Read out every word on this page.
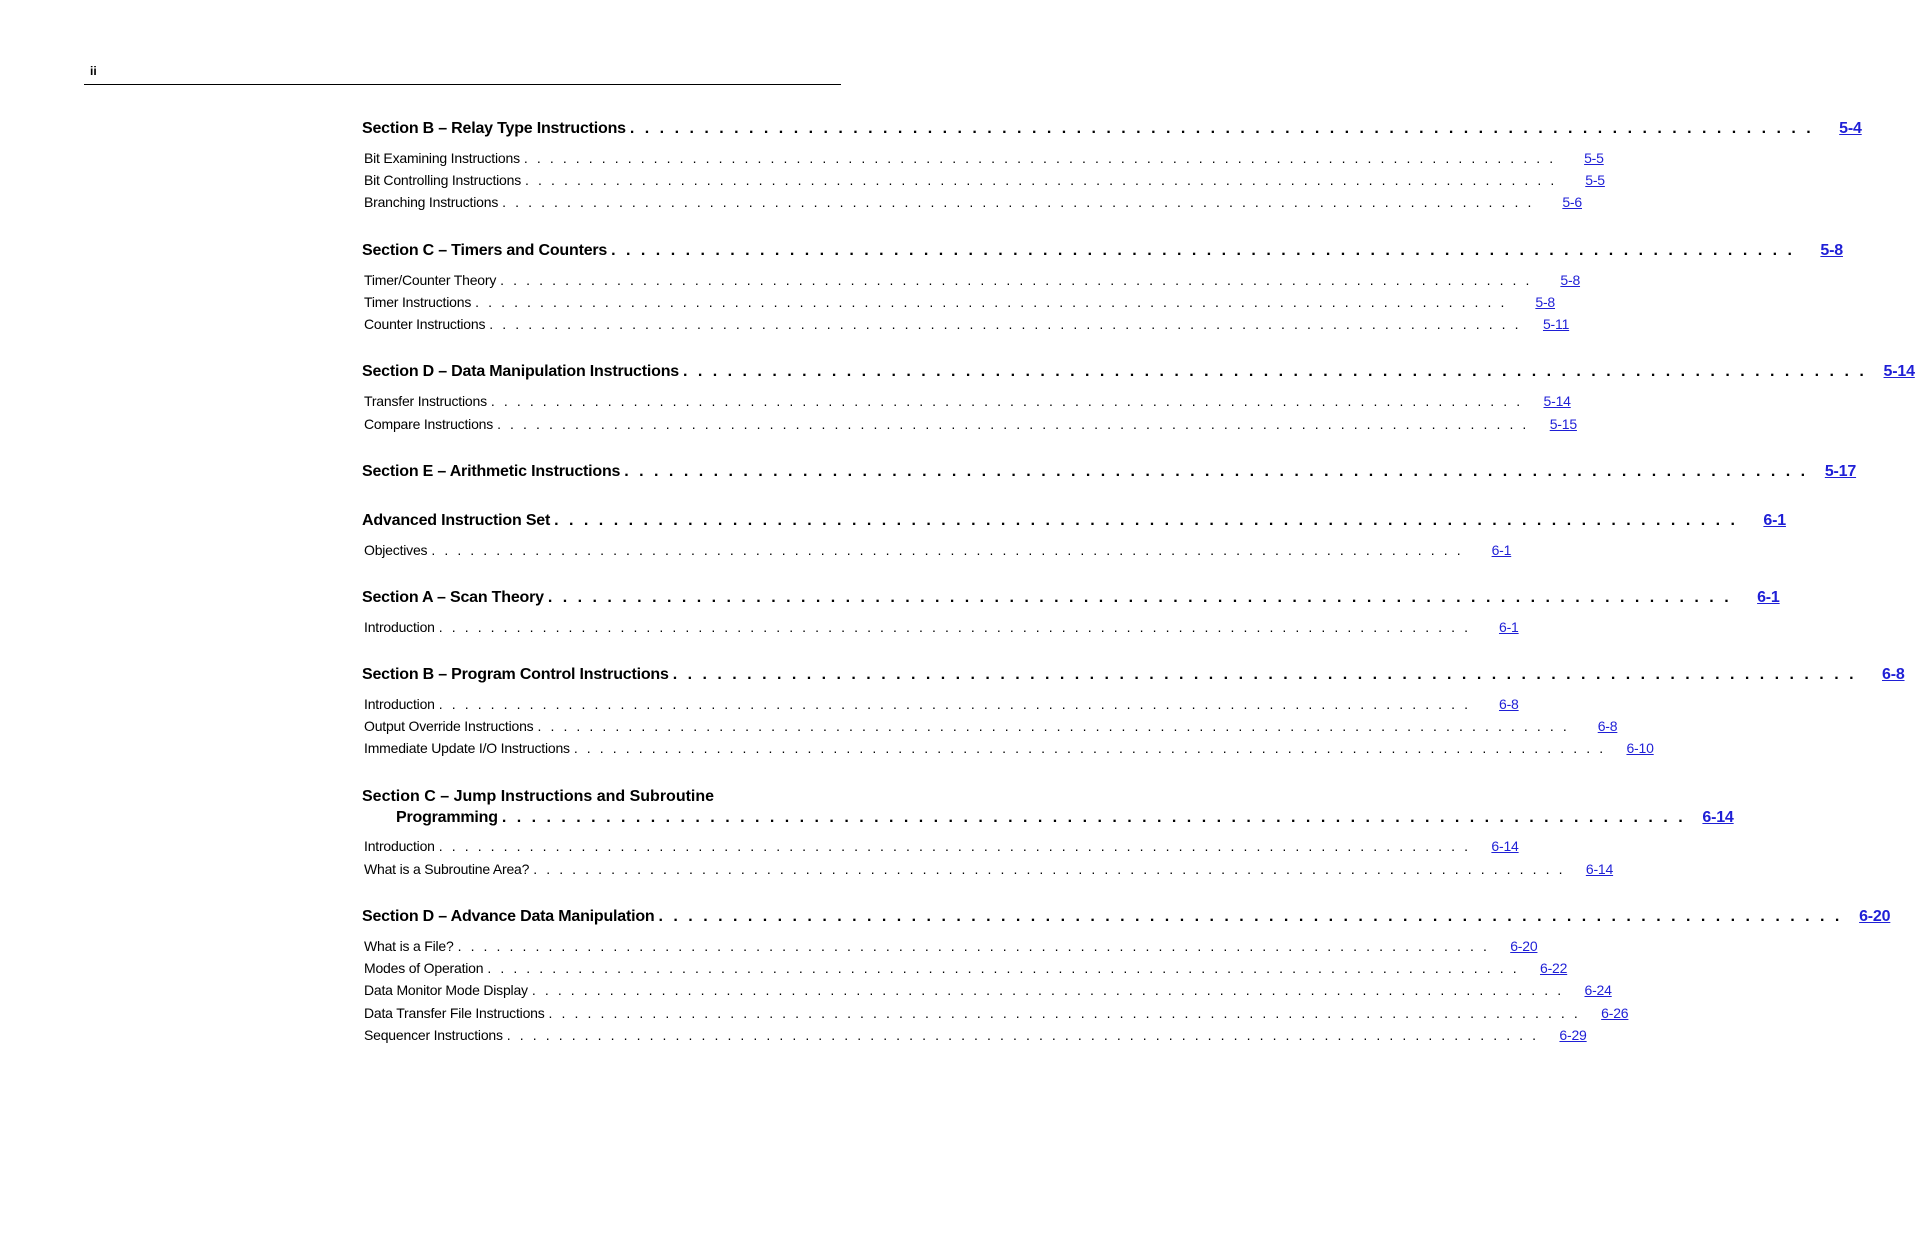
ii
Section B – Relay Type Instructions . . . . . . . . . . . . . . . . . . . . . . . . . . . . . . . . . . . . . . . . . . . . . . . . . . . . . . . . . . . . . . . . . . . . . . . . . . . . . . . .	5-4
Bit Examining Instructions . . . . . . . . . . . . . . . . . . . . . . . . . . . . . . . . . . . . . . . . . . . . . . . . . . . . . . . . . . . . . . . . . . . . . . . . . . . . . . . .	5-5
Bit Controlling Instructions . . . . . . . . . . . . . . . . . . . . . . . . . . . . . . . . . . . . . . . . . . . . . . . . . . . . . . . . . . . . . . . . . . . . . . . . . . . . . . . .	5-5
Branching Instructions . . . . . . . . . . . . . . . . . . . . . . . . . . . . . . . . . . . . . . . . . . . . . . . . . . . . . . . . . . . . . . . . . . . . . . . . . . . . . . . .	5-6
Section C – Timers and Counters . . . . . . . . . . . . . . . . . . . . . . . . . . . . . . . . . . . . . . . . . . . . . . . . . . . . . . . . . . . . . . . . . . . . . . . . . . . . . . . .	5-8
Timer/Counter Theory . . . . . . . . . . . . . . . . . . . . . . . . . . . . . . . . . . . . . . . . . . . . . . . . . . . . . . . . . . . . . . . . . . . . . . . . . . . . . . . .	5-8
Timer Instructions . . . . . . . . . . . . . . . . . . . . . . . . . . . . . . . . . . . . . . . . . . . . . . . . . . . . . . . . . . . . . . . . . . . . . . . . . . . . . . . .	5-8
Counter Instructions . . . . . . . . . . . . . . . . . . . . . . . . . . . . . . . . . . . . . . . . . . . . . . . . . . . . . . . . . . . . . . . . . . . . . . . . . . . . . . . .	5-11
Section D – Data Manipulation Instructions . . . . . . . . . . . . . . . . . . . . . . . . . . . . . . . . . . . . . . . . . . . . . . . . . . . . . . . . . . . . . . . . . . . . . . . . . . . . . . . .	5-14
Transfer Instructions . . . . . . . . . . . . . . . . . . . . . . . . . . . . . . . . . . . . . . . . . . . . . . . . . . . . . . . . . . . . . . . . . . . . . . . . . . . . . . . .	5-14
Compare Instructions . . . . . . . . . . . . . . . . . . . . . . . . . . . . . . . . . . . . . . . . . . . . . . . . . . . . . . . . . . . . . . . . . . . . . . . . . . . . . . . .	5-15
Section E – Arithmetic Instructions . . . . . . . . . . . . . . . . . . . . . . . . . . . . . . . . . . . . . . . . . . . . . . . . . . . . . . . . . . . . . . . . . . . . . . . . . . . . . . . .	5-17
Advanced Instruction Set . . . . . . . . . . . . . . . . . . . . . . . . . . . . . . . . . . . . . . . . . . . . . . . . . . . . . . . . . . . . . . . . . . . . . . . . . . . . . . . .	6-1
Objectives . . . . . . . . . . . . . . . . . . . . . . . . . . . . . . . . . . . . . . . . . . . . . . . . . . . . . . . . . . . . . . . . . . . . . . . . . . . . . . . .	6-1
Section A – Scan Theory . . . . . . . . . . . . . . . . . . . . . . . . . . . . . . . . . . . . . . . . . . . . . . . . . . . . . . . . . . . . . . . . . . . . . . . . . . . . . . . .	6-1
Introduction . . . . . . . . . . . . . . . . . . . . . . . . . . . . . . . . . . . . . . . . . . . . . . . . . . . . . . . . . . . . . . . . . . . . . . . . . . . . . . . .	6-1
Section B – Program Control Instructions . . . . . . . . . . . . . . . . . . . . . . . . . . . . . . . . . . . . . . . . . . . . . . . . . . . . . . . . . . . . . . . . . . . . . . . . . . . . . . . .	6-8
Introduction . . . . . . . . . . . . . . . . . . . . . . . . . . . . . . . . . . . . . . . . . . . . . . . . . . . . . . . . . . . . . . . . . . . . . . . . . . . . . . . .	6-8
Output Override Instructions . . . . . . . . . . . . . . . . . . . . . . . . . . . . . . . . . . . . . . . . . . . . . . . . . . . . . . . . . . . . . . . . . . . . . . . . . . . . . . . .	6-8
Immediate Update I/O Instructions . . . . . . . . . . . . . . . . . . . . . . . . . . . . . . . . . . . . . . . . . . . . . . . . . . . . . . . . . . . . . . . . . . . . . . . . . . . . . . . .	6-10
Section C – Jump Instructions and Subroutine
Programming . . . . . . . . . . . . . . . . . . . . . . . . . . . . . . . . . . . . . . . . . . . . . . . . . . . . . . . . . . . . . . . . . . . . . . . . . . . . . . . .	6-14
Introduction . . . . . . . . . . . . . . . . . . . . . . . . . . . . . . . . . . . . . . . . . . . . . . . . . . . . . . . . . . . . . . . . . . . . . . . . . . . . . . . .	6-14
What is a Subroutine Area? . . . . . . . . . . . . . . . . . . . . . . . . . . . . . . . . . . . . . . . . . . . . . . . . . . . . . . . . . . . . . . . . . . . . . . . . . . . . . . . .	6-14
Section D – Advance Data Manipulation . . . . . . . . . . . . . . . . . . . . . . . . . . . . . . . . . . . . . . . . . . . . . . . . . . . . . . . . . . . . . . . . . . . . . . . . . . . . . . . .	6-20
What is a File? . . . . . . . . . . . . . . . . . . . . . . . . . . . . . . . . . . . . . . . . . . . . . . . . . . . . . . . . . . . . . . . . . . . . . . . . . . . . . . . .	6-20
Modes of Operation . . . . . . . . . . . . . . . . . . . . . . . . . . . . . . . . . . . . . . . . . . . . . . . . . . . . . . . . . . . . . . . . . . . . . . . . . . . . . . . .	6-22
Data Monitor Mode Display . . . . . . . . . . . . . . . . . . . . . . . . . . . . . . . . . . . . . . . . . . . . . . . . . . . . . . . . . . . . . . . . . . . . . . . . . . . . . . . .	6-24
Data Transfer File Instructions . . . . . . . . . . . . . . . . . . . . . . . . . . . . . . . . . . . . . . . . . . . . . . . . . . . . . . . . . . . . . . . . . . . . . . . . . . . . . . . .	6-26
Sequencer Instructions . . . . . . . . . . . . . . . . . . . . . . . . . . . . . . . . . . . . . . . . . . . . . . . . . . . . . . . . . . . . . . . . . . . . . . . . . . . . . . . .	6-29
